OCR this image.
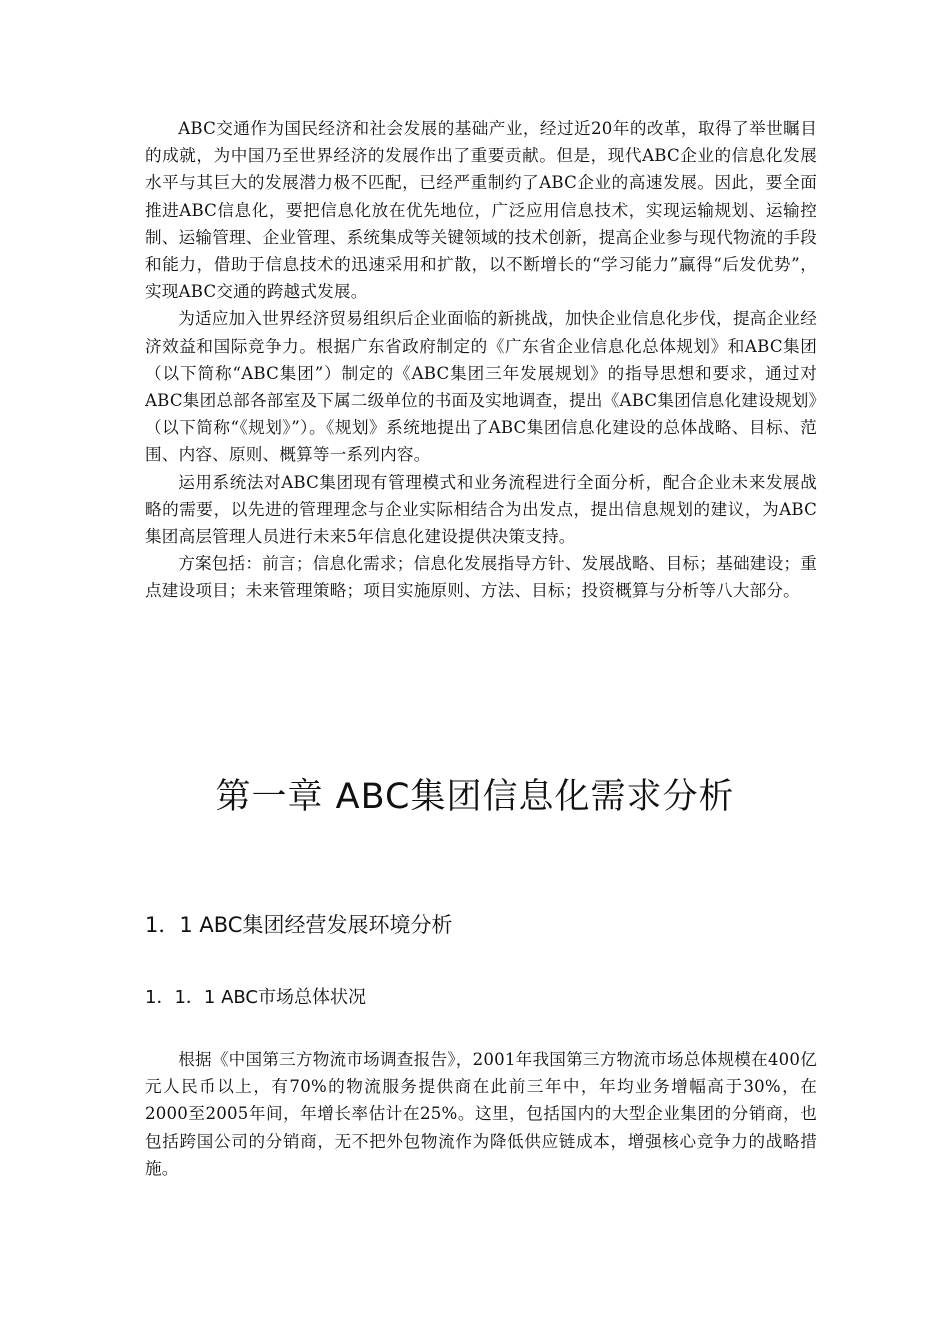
ABC交通作为国民经济和社会发展的基础产业，经过近20年的改革，取得了举世瞩目的成就，为中国乃至世界经济的发展作出了重要贡献。但是，现代ABC企业的信息化发展水平与其巨大的发展潜力极不匹配，已经严重制约了ABC企业的高速发展。因此，要全面推进ABC信息化，要把信息化放在优先地位，广泛应用信息技术，实现运输规划、运输控制、运输管理、企业管理、系统集成等关键领域的技术创新，提高企业参与现代物流的手段和能力，借助于信息技术的迅速采用和扩散，以不断增长的“学习能力”赢得“后发优势”，实现ABC交通的跨越式发展。

为适应加入世界经济贸易组织后企业面临的新挑战，加快企业信息化步伐，提高企业经济效益和国际竞争力。根据广东省政府制定的《广东省企业信息化总体规划》和ABC集团（以下简称“ABC集团”）制定的《ABC集团三年发展规划》的指导思想和要求，通过对ABC集团总部各部室及下属二级单位的书面及实地调查，提出《ABC集团信息化建设规划》（以下简称“《规划》”）。《规划》系统地提出了ABC集团信息化建设的总体战略、目标、范围、内容、原则、概算等一系列内容。

运用系统法对ABC集团现有管理模式和业务流程进行全面分析，配合企业未来发展战略的需要，以先进的管理理念与企业实际相结合为出发点，提出信息规划的建议，为ABC集团高层管理人员进行未来5年信息化建设提供决策支持。

方案包括：前言；信息化需求；信息化发展指导方针、发展战略、目标；基础建设；重点建设项目；未来管理策略；项目实施原则、方法、目标；投资概算与分析等八大部分。

第一章 ABC集团信息化需求分析
1．1 ABC集团经营发展环境分析
1．1．1 ABC市场总体状况

根据《中国第三方物流市场调查报告》，2001年我国第三方物流市场总体规模在400亿元人民币以上，有70%的物流服务提供商在此前三年中，年均业务增幅高于30%，在2000至2005年间，年增长率估计在25%。这里，包括国内的大型企业集团的分销商，也包括跨国公司的分销商，无不把外包物流作为降低供应链成本，增强核心竞争力的战略措施。
